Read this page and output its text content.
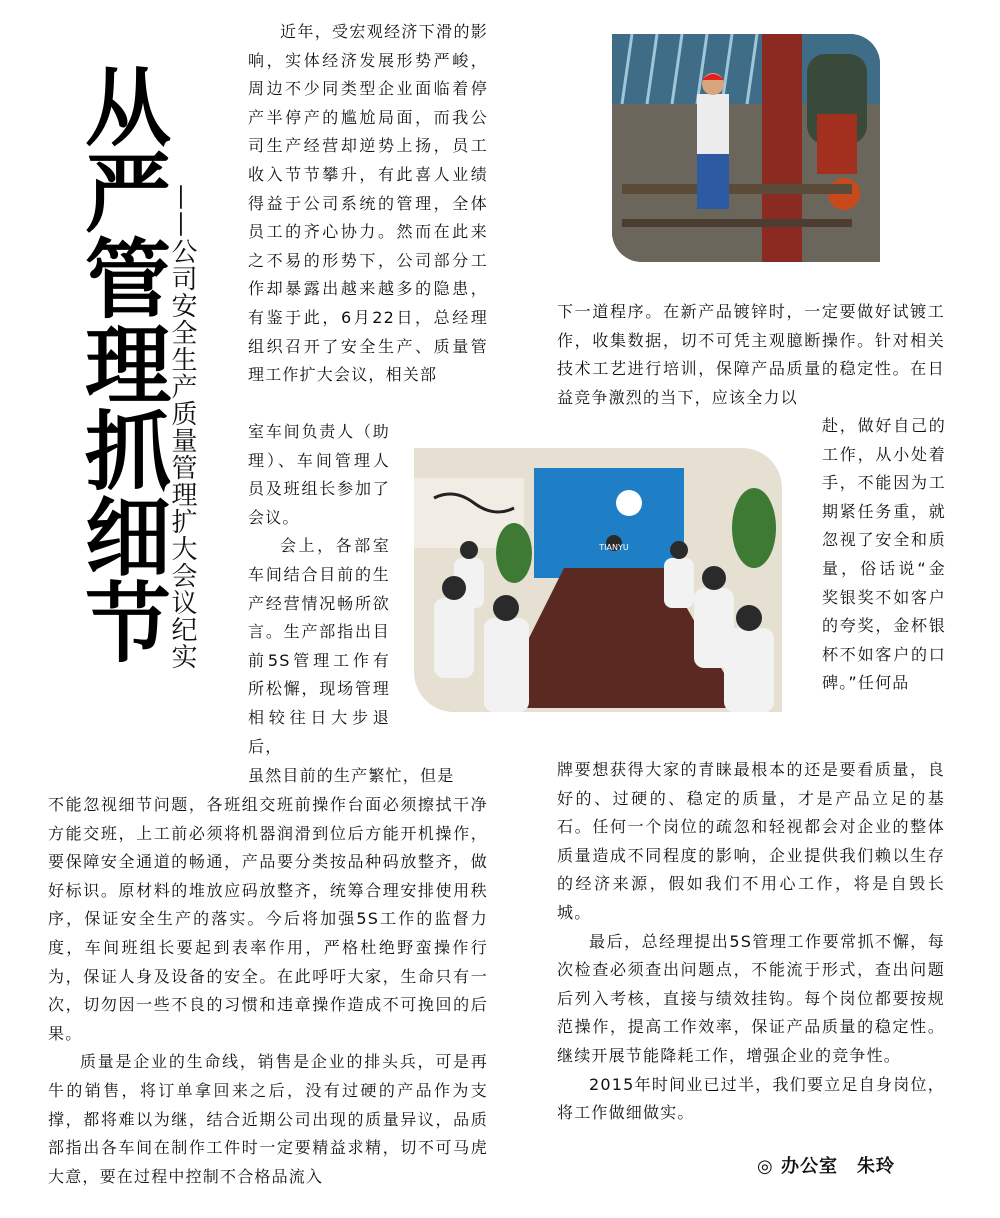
从严管理抓细节
——公司安全生产质量管理扩大会议纪实

近年，受宏观经济下滑的影响，实体经济发展形势严峻，周边不少同类型企业面临着停产半停产的尴尬局面，而我公司生产经营却逆势上扬，员工收入节节攀升，有此喜人业绩得益于公司系统的管理，全体员工的齐心协力。然而在此来之不易的形势下，公司部分工作却暴露出越来越多的隐患，有鉴于此，6月22日，总经理组织召开了安全生产、质量管理工作扩大会议，相关部

室车间负责人（助理）、车间管理人员及班组长参加了会议。

会上，各部室车间结合目前的生产经营情况畅所欲言。生产部指出目前5S管理工作有所松懈，现场管理相较往日大步退后，

虽然目前的生产繁忙，但是

不能忽视细节问题，各班组交班前操作台面必须擦拭干净方能交班，上工前必须将机器润滑到位后方能开机操作，要保障安全通道的畅通，产品要分类按品种码放整齐，做好标识。原材料的堆放应码放整齐，统筹合理安排使用秩序，保证安全生产的落实。今后将加强5S工作的监督力度，车间班组长要起到表率作用，严格杜绝野蛮操作行为，保证人身及设备的安全。在此呼吁大家，生命只有一次，切勿因一些不良的习惯和违章操作造成不可挽回的后果。

质量是企业的生命线，销售是企业的排头兵，可是再牛的销售，将订单拿回来之后，没有过硬的产品作为支撑，都将难以为继，结合近期公司出现的质量异议，品质部指出各车间在制作工件时一定要精益求精，切不可马虎大意，要在过程中控制不合格品流入

下一道程序。在新产品镀锌时，一定要做好试镀工作，收集数据，切不可凭主观臆断操作。针对相关技术工艺进行培训，保障产品质量的稳定性。在日益竞争激烈的当下，应该全力以

赴，做好自己的工作，从小处着手，不能因为工期紧任务重，就忽视了安全和质量，俗话说“金奖银奖不如客户的夸奖，金杯银杯不如客户的口碑。”任何品

牌要想获得大家的青睐最根本的还是要看质量，良好的、过硬的、稳定的质量，才是产品立足的基石。任何一个岗位的疏忽和轻视都会对企业的整体质量造成不同程度的影响，企业提供我们赖以生存的经济来源，假如我们不用心工作，将是自毁长城。

最后，总经理提出5S管理工作要常抓不懈，每次检查必须查出问题点，不能流于形式，查出问题后列入考核，直接与绩效挂钩。每个岗位都要按规范操作，提高工作效率，保证产品质量的稳定性。继续开展节能降耗工作，增强企业的竞争性。

2015年时间业已过半，我们要立足自身岗位，将工作做细做实。

◎ 办公室　朱玲
TIANYU
